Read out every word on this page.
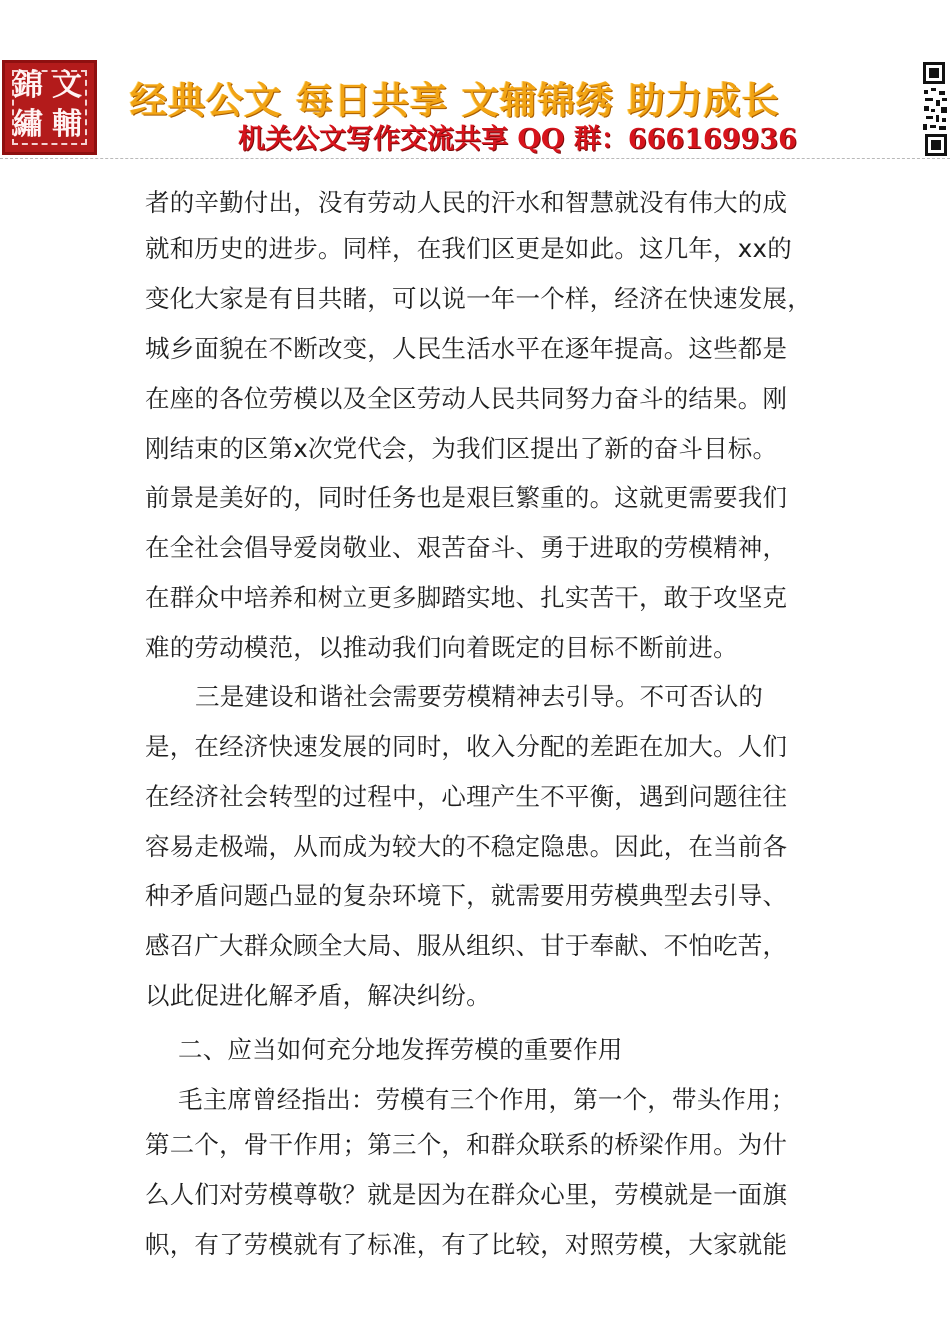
文
錦
輔
繡
经典公文 每日共享 文辅锦绣 助力成长
机关公文写作交流共享 QQ 群：666169936
者的辛勤付出，没有劳动人民的汗水和智慧就没有伟大的成
就和历史的进步。同样，在我们区更是如此。这几年，xx的
变化大家是有目共睹，可以说一年一个样，经济在快速发展，
城乡面貌在不断改变，人民生活水平在逐年提高。这些都是
在座的各位劳模以及全区劳动人民共同努力奋斗的结果。刚
刚结束的区第x次党代会，为我们区提出了新的奋斗目标。
前景是美好的，同时任务也是艰巨繁重的。这就更需要我们
在全社会倡导爱岗敬业、艰苦奋斗、勇于进取的劳模精神，
在群众中培养和树立更多脚踏实地、扎实苦干，敢于攻坚克
难的劳动模范，以推动我们向着既定的目标不断前进。
三是建设和谐社会需要劳模精神去引导。不可否认的
是，在经济快速发展的同时，收入分配的差距在加大。人们
在经济社会转型的过程中，心理产生不平衡，遇到问题往往
容易走极端，从而成为较大的不稳定隐患。因此，在当前各
种矛盾问题凸显的复杂环境下，就需要用劳模典型去引导、
感召广大群众顾全大局、服从组织、甘于奉献、不怕吃苦，
以此促进化解矛盾，解决纠纷。
二、应当如何充分地发挥劳模的重要作用
毛主席曾经指出：劳模有三个作用，第一个，带头作用；
第二个，骨干作用；第三个，和群众联系的桥梁作用。为什
么人们对劳模尊敬？就是因为在群众心里，劳模就是一面旗
帜，有了劳模就有了标准，有了比较，对照劳模，大家就能
